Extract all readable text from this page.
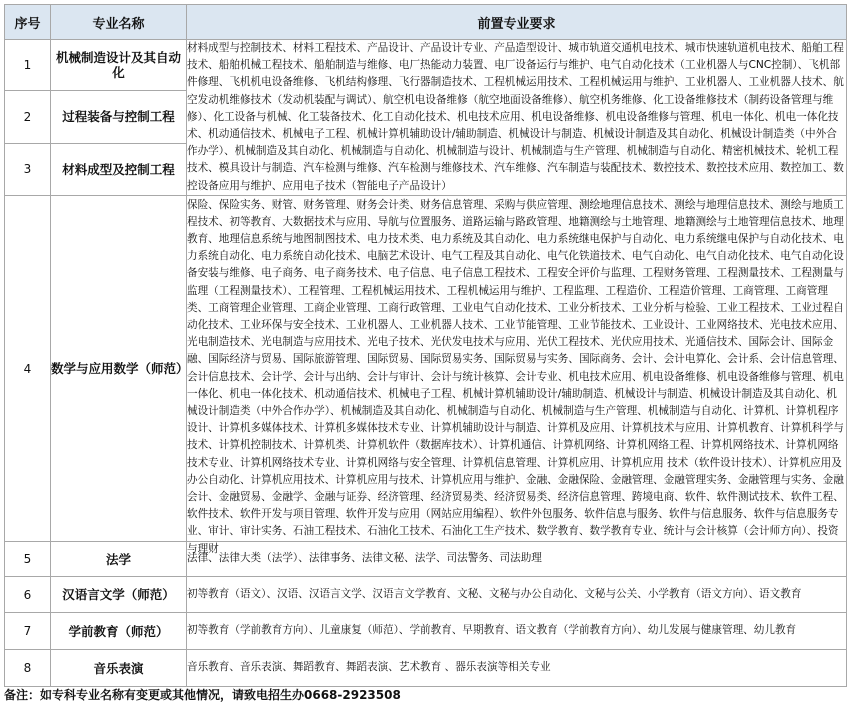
序号	专业名称	前置专业要求
1	机械制造设计及其自动化	材料成型与控制技术、材料工程技术、产品设计、产品设计专业、产品造型设计、城市轨道交通机电技术、城市快速轨道机电技术、船舶工程技术、船舶机械工程技术、船舶制造与维修、电厂热能动力装置、电厂设备运行与维护、电气自动化技术（工业机器人与CNC控制）、飞机部件修理、飞机机电设备维修、飞机结构修理、飞行器制造技术、工程机械运用技术、工程机械运用与维护、工业机器人、工业机器人技术、航空发动机维修技术（发动机装配与调试）、航空机电设备维修（航空地面设备维修）、航空机务维修、化工设备维修技术（制药设备管理与维修）、化工设备与机械、化工装备技术、化工自动化技术、机电技术应用、机电设备维修、机电设备维修与管理、机电一体化、机电一体化技术、机动通信技术、机械电子工程、机械计算机辅助设计/辅助制造、机械设计与制造、机械设计制造及其自动化、机械设计制造类（中外合作办学）、机械制造及其自动化、机械制造与自动化、机械制造与设计、机械制造与生产管理、机械制造与自动化、精密机械技术、轮机工程技术、模具设计与制造、汽车检测与维修、汽车检测与维修技术、汽车维修、汽车制造与装配技术、数控技术、数控技术应用、数控加工、数控设备应用与维护、应用电子技术（智能电子产品设计）

2	过程装备与控制工程	
3	材料成型及控制工程	
4	数学与应用数学（师范）	保险、保险实务、财管、财务管理、财务会计类、财务信息管理、采购与供应管理、测绘地理信息技术、测绘与地理信息技术、测绘与地质工程技术、初等教育、大数据技术与应用、导航与位置服务、道路运输与路政管理、地籍测绘与土地管理、地籍测绘与土地管理信息技术、地理教育、地理信息系统与地图制图技术、电力技术类、电力系统及其自动化、电力系统继电保护与自动化、电力系统继电保护与自动化技术、电力系统自动化、电力系统自动化技术、电脑艺术设计、电气工程及其自动化、电气化铁道技术、电气自动化、电气自动化技术、电气自动化设备安装与维修、电子商务、电子商务技术、电子信息、电子信息工程技术、工程安全评价与监理、工程财务管理、工程测量技术、工程测量与监理（工程测量技术）、工程管理、工程机械运用技术、工程机械运用与维护、工程监理、工程造价、工程造价管理、工商管理、工商管理类、工商管理企业管理、工商企业管理、工商行政管理、工业电气自动化技术、工业分析技术、工业分析与检验、工业工程技术、工业过程自动化技术、工业环保与安全技术、工业机器人、工业机器人技术、工业节能管理、工业节能技术、工业设计、工业网络技术、光电技术应用、光电制造技术、光电制造与应用技术、光电子技术、光伏发电技术与应用、光伏工程技术、光伏应用技术、光通信技术、国际会计、国际金融、国际经济与贸易、国际旅游管理、国际贸易、国际贸易实务、国际贸易与实务、国际商务、会计、会计电算化、会计系、会计信息管理、会计信息技术、会计学、会计与出纳、会计与审计、会计与统计核算、会计专业、机电技术应用、机电设备维修、机电设备维修与管理、机电一体化、机电一体化技术、机动通信技术、机械电子工程、机械计算机辅助设计/辅助制造、机械设计与制造、机械设计制造及其自动化、机械设计制造类（中外合作办学）、机械制造及其自动化、机械制造与自动化、机械制造与生产管理、机械制造与自动化、计算机、计算机程序设计、计算机多媒体技术、计算机多媒体技术专业、计算机辅助设计与制造、计算机及应用、计算机技术与应用、计算机教育、计算机科学与技术、计算机控制技术、计算机类、计算机软件（数据库技术）、计算机通信、计算机网络、计算机网络工程、计算机网络技术、计算机网络技术专业、计算机网络技术专业、计算机网络与安全管理、计算机信息管理、计算机应用、计算机应用 技术（软件设计技术）、计算机应用及办公自动化、计算机应用技术、计算机应用与技术、计算机应用与维护、金融、金融保险、金融管理、金融管理实务、金融管理与实务、金融会计、金融贸易、金融学、金融与证券、经济管理、经济贸易类、经济贸易类、经济信息管理、跨境电商、软件、软件测试技术、软件工程、软件技术、软件开发与项目管理、软件开发与应用（网站应用编程）、软件外包服务、软件信息与服务、软件与信息服务、软件与信息服务专业、审计、审计实务、石油工程技术、石油化工技术、石油化工生产技术、数学教育、数学教育专业、统计与会计核算（会计师方向）、投资与理财

5	法学	法律、法律大类（法学）、法律事务、法律文秘、法学、司法警务、司法助理
6	汉语言文学（师范）	初等教育（语文）、汉语、汉语言文学、汉语言文学教育、文秘、文秘与办公自动化、文秘与公关、小学教育（语文方向）、语文教育
7	学前教育（师范）	初等教育（学前教育方向）、儿童康复（师范）、学前教育、早期教育、语文教育（学前教育方向）、幼儿发展与健康管理、幼儿教育
8	音乐表演	音乐教育、音乐表演、舞蹈教育、舞蹈表演、艺术教育 、器乐表演等相关专业
备注：如专科专业名称有变更或其他情况，请致电招生办0668-2923508
